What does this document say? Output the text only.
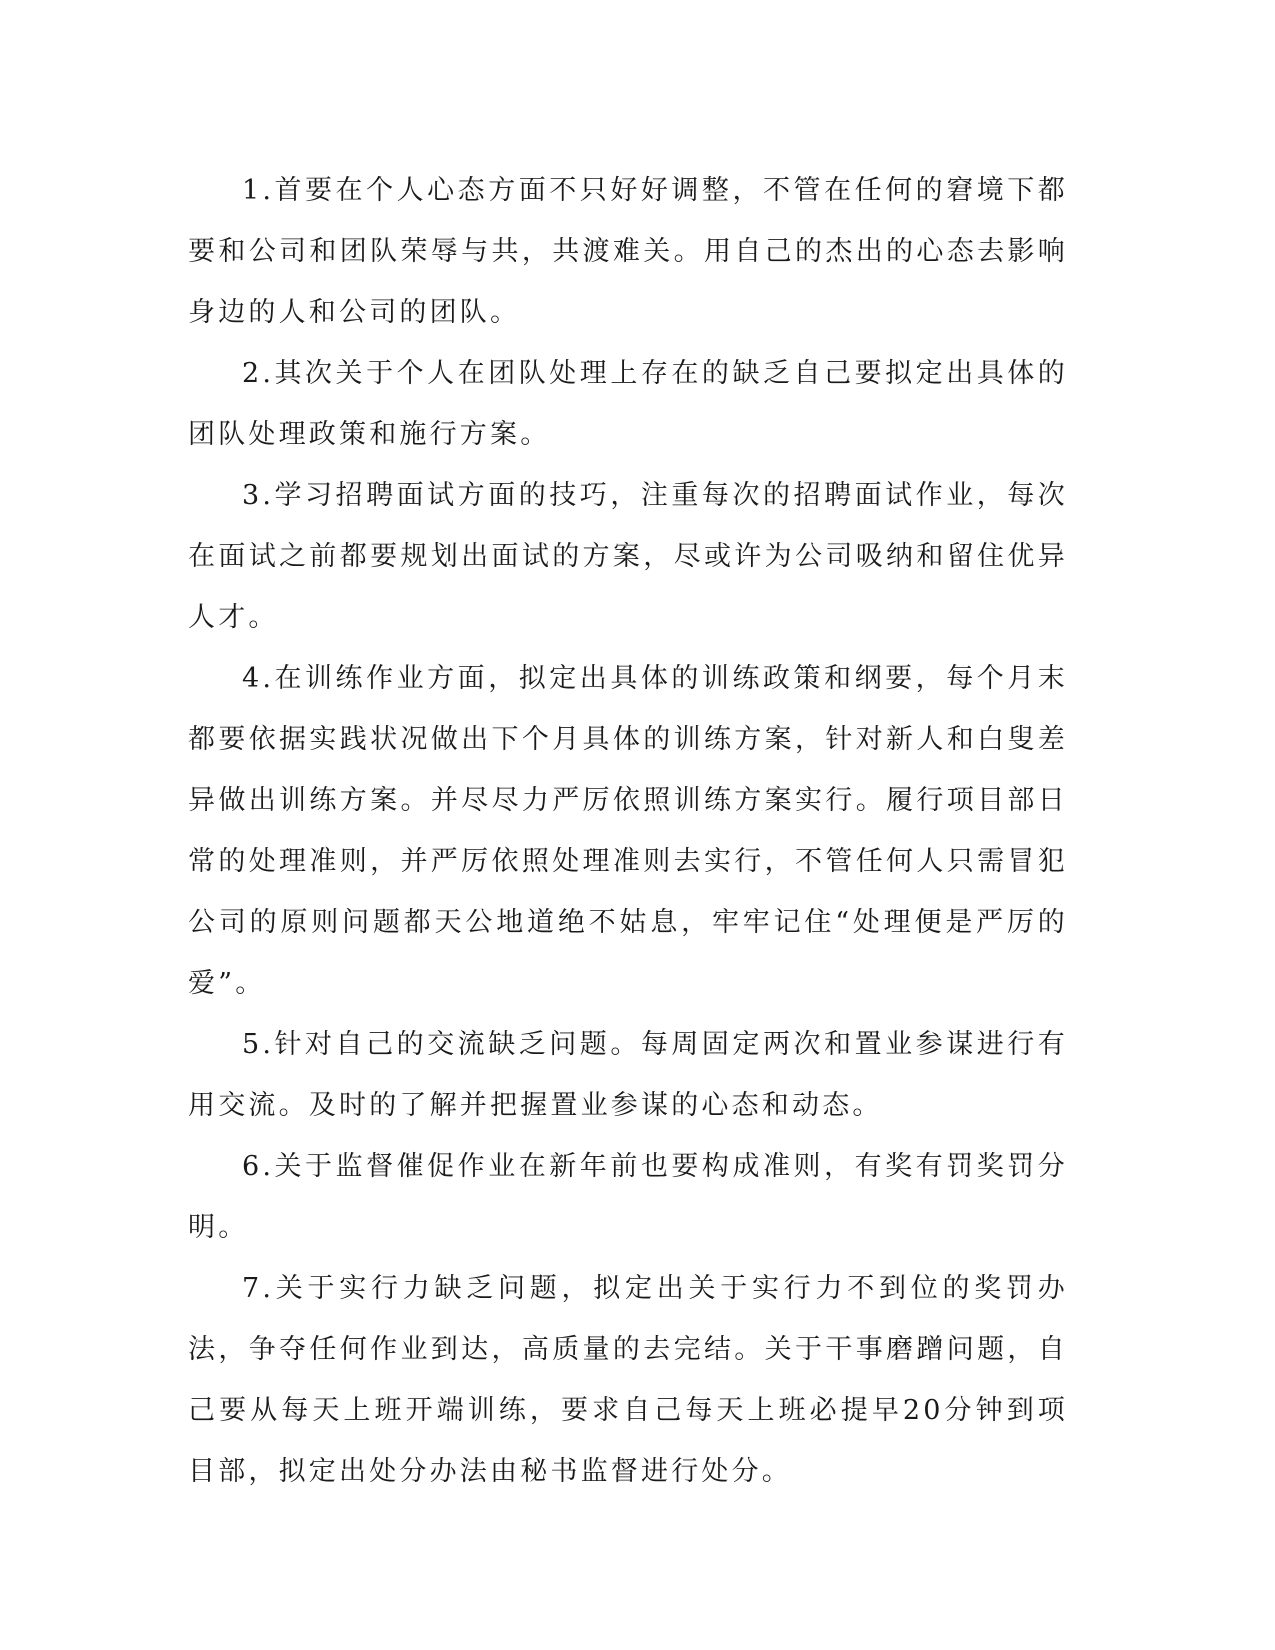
1.首要在个人心态方面不只好好调整，不管在任何的窘境下都要和公司和团队荣辱与共，共渡难关。用自己的杰出的心态去影响身边的人和公司的团队。

2.其次关于个人在团队处理上存在的缺乏自己要拟定出具体的团队处理政策和施行方案。

3.学习招聘面试方面的技巧，注重每次的招聘面试作业，每次在面试之前都要规划出面试的方案，尽或许为公司吸纳和留住优异人才。

4.在训练作业方面，拟定出具体的训练政策和纲要，每个月末都要依据实践状况做出下个月具体的训练方案，针对新人和白叟差异做出训练方案。并尽尽力严厉依照训练方案实行。履行项目部日常的处理准则，并严厉依照处理准则去实行，不管任何人只需冒犯公司的原则问题都天公地道绝不姑息，牢牢记住“处理便是严厉的爱”。

5.针对自己的交流缺乏问题。每周固定两次和置业参谋进行有用交流。及时的了解并把握置业参谋的心态和动态。

6.关于监督催促作业在新年前也要构成准则，有奖有罚奖罚分明。

7.关于实行力缺乏问题，拟定出关于实行力不到位的奖罚办法，争夺任何作业到达，高质量的去完结。关于干事磨蹭问题，自己要从每天上班开端训练，要求自己每天上班必提早20分钟到项目部，拟定出处分办法由秘书监督进行处分。
